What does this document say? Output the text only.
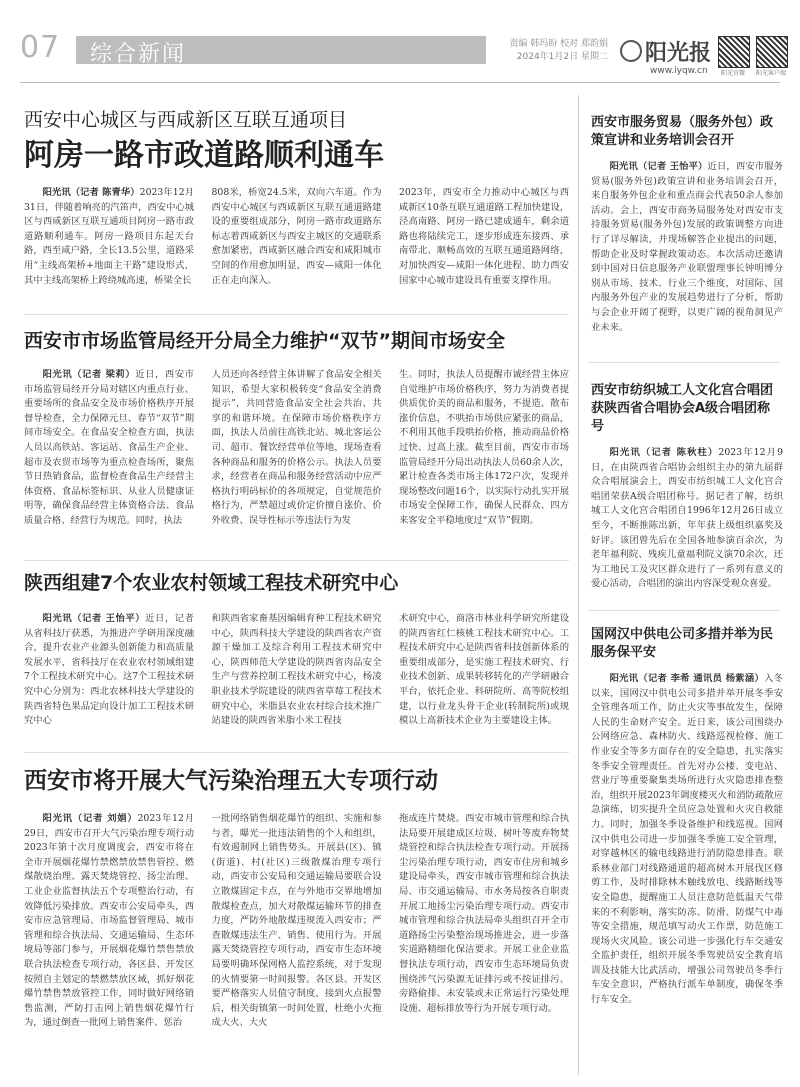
07 综合新闻	责编 韩玛盼 校对 郑韵娟
2024年1月2日 星期二	阳光报
www.iyqw.cn	阳光官微	阳光客户端
西安中心城区与西咸新区互联互通项目
阿房一路市政道路顺利通车

阳光讯（记者 陈青华）2023年12月31日，伴随着响亮的汽笛声，西安中心城区与西咸新区互联互通项目阿房一路市政道路顺利通车。阿房一路项目东起天台路，西至咸户路，全长13.5公里，道路采用“主线高架桥+地面主干路”建设形式，其中主线高架桥上跨绕城高速，桥梁全长

808米，桥宽24.5米，双向六车道。作为西安中心城区与西咸新区互联互通道路建设的重要组成部分，阿房一路市政道路东标志着西咸新区与西安主城区的交通联系愈加紧密，西咸新区融合西安和咸阳城市空间的作用愈加明显，西安—咸阳一体化正在走向深入。
2023年，西安市全力推动中心城区与西咸新区10条互联互通道路工程加快建设，泾高南路、阿房一路已建成通车，剩余道路也将陆续完工，逐步形成连东接西、承南带北、顺畅高效的互联互通道路网络，对加快西安—咸阳一体化进程、助力西安国家中心城市建设具有重要支撑作用。
西安市市场监管局经开分局全力维护“双节”期间市场安全

阳光讯（记者 梁莉）近日，西安市市场监管局经开分局对辖区内重点行业、重要场所的食品安全及市场价格秩序开展督导检查，全力保障元旦、春节“双节”期间市场安全。在食品安全检查方面，执法人员以高铁站、客运站、食品生产企业、超市及农贸市场等为重点检查场所，聚焦节日热销食品，监督检查食品生产经营主体资格、食品标签标识、从业人员健康证明等，确保食品经营主体资格合法、食品质量合格、经营行为规范。同时，执法

人员还向各经营主体讲解了食品安全相关知识，希望大家积极转变“食品安全消费提示”，共同营造食品安全社会共治、共享的和谐环境。在保障市场价格秩序方面，执法人员前往高铁北站、城北客运公司、超市、餐饮经营单位等地，现场查看各种商品和服务的价格公示。执法人员要求，经营者在商品和服务经营活动中应严格执行明码标价的各项规定，自觉规范价格行为，严禁超过或价定价擅自涨价、价外收费、误导性标示等违法行为发
生。同时，执法人员提醒市诚经营主体应自觉维护市场价格秩序，努力为消费者提供质优价美的商品和服务，不提造、散布涨价信息，不哄抬市场供应紧张的商品，不利用其他手段哄抬价格，推动商品价格过快、过高上涨。截至目前，西安市市场监管局经开分局出动执法人员60余人次，累计检查各类市场主体172户次，发现并现场整改问题16个，以实际行动扎实开展市场安全保障工作，确保人民群众、四方来客安全平稳地度过“双节”假期。
陕西组建7个农业农村领域工程技术研究中心

阳光讯（记者 王怡平）近日，记者从省科技厅获悉，为推进产学研用深度融合，提升农业产业源头创新能力和高质量发展水平，省科技厅在农业农村领域组建7个工程技术研究中心。这7个工程技术研究中心分别为：西北农林科技大学建设的陕西省特色果品定向设计加工工程技术研究中心

和陕西省家畜基因编辑育种工程技术研究中心，陕西科技大学建设的陕西省农产资源干燥加工及综合利用工程技术研究中心，陕西师范大学建设的陕西省肉品安全生产与营养控制工程技术研究中心，杨凌职业技术学院建设的陕西省草莓工程技术研究中心，米脂县农业农村综合技术推广站建设的陕西省米脂小米工程技
术研究中心，商洛市林业科学研究所建设的陕西省红仁核桃工程技术研究中心。工程技术研究中心是陕西省科技创新体系的重要组成部分，是实施工程技术研究、行业技术创新、成果转移转化的产学研融合平台，依托企业、科研院所、高等院校组建，以行业龙头骨干企业(转制院所)或规模以上高新技术企业为主要建设主体。
西安市将开展大气污染治理五大专项行动

阳光讯（记者 刘娟）2023年12月29日，西安市召开大气污染治理专项行动2023年第十次月度调度会，西安市将在全市开展烟花爆竹禁燃禁放禁售管控、燃煤散烧治理、露天焚烧管控、扬尘治理、工业企业监督执法五个专项整治行动，有效降低污染排放。西安市公安局牵头，西安市应急管理局、市场监督管理局、城市管理和综合执法局、交通运输局、生态环境局等部门参与，开展烟花爆竹禁售禁放联合执法检查专项行动，各区县、开发区按照自主划定的禁燃禁放区域，抓好烟花爆竹禁售禁放管控工作，同时做好网络销售监测，严防打击网上销售烟花爆竹行为，通过倒查一批网上销售案件、惩治

一批网络销售烟花爆竹的组织、实施和参与者，曝光一批违法销售的个人和组织，有效遏制网上销售势头。开展县(区)、镇(街道)、村(社区)三级散煤治理专项行动，西安市公安局和交通运输局要联合设立散煤固定卡点，在与外地市交界地增加散煤检查点，加大对散煤运输环节的排查力度，严防外地散煤违规流入西安市；严查散煤违法生产、销售、使用行为。开展露天焚烧管控专项行动，西安市生态环境局要明确环保网格人监控系统，对于发现的火情要第一时间报警。各区县、开发区要严格落实人员值守制度，接到火点报警后，相关街镇第一时间处置，杜绝小火拖成大火、大火
拖成连片焚烧。西安市城市管理和综合执法局要开展建成区垃圾、树叶等废弃物焚烧管控和综合执法检查专项行动。开展扬尘污染治理专项行动，西安市住房和城乡建设局牵头，西安市城市管理和综合执法局、市交通运输局、市水务局按各自职责开展工地扬尘污染治理专项行动。西安市城市管理和综合执法局牵头组织召开全市道路扬尘污染整治现场推进会，进一步落实道路精细化保洁要求。开展工业企业监督执法专项行动，西安市生态环境局负责围绕涉气污染源无证排污或不按证排污、旁路偷排、未安装或未正常运行污染处理设施、超标排放等行为开展专项行动。
西安市服务贸易（服务外包）政策宣讲和业务培训会召开

阳光讯（记者 王怡平）近日，西安市服务贸易(服务外包)政策宣讲和业务培训会召开，来自服务外包企业和重点商会代表50余人参加活动。会上，西安市商务局服务处对西安市支持服务贸易(服务外包)发展的政策调整方向进行了详尽解读，并现场解答企业提出的问题，帮助企业及时掌握政策动态。本次活动还邀请到中国对日信息服务产业联盟理事长钟明博分别从市场、技术、行业三个维度，对国际、国内服务外包产业的发展趋势进行了分析，帮助与会企业开阔了视野，以更广阔的视角洞见产业未来。

西安市纺织城工人文化宫合唱团获陕西省合唱协会A级合唱团称号

阳光讯（记者 陈秋柱）2023年12月9日，在由陕西省合唱协会组织主办的第九届群众合唱展演会上，西安市纺织城工人文化宫合唱团荣获A级合唱团称号。据记者了解，纺织城工人文化宫合唱团自1996年12月26日成立至今，不断推陈出新，年年获上级组织嘉奖及好评。该团曾先后在全国各地参演百余次，为老年福利院、残疾儿童福利院义演70余次，还为工地民工及灾区群众进行了一系列有意义的爱心活动，合唱团的演出内容深受观众喜爱。

国网汉中供电公司多措并举为民服务保平安

阳光讯（记者 李希 通讯员 杨紫涵）入冬以来，国网汉中供电公司多措并举开展冬季安全管理各项工作，防止火灾等事故发生，保障人民的生命财产安全。近日来，该公司围绕办公网络应急、森林防火、线路巡视检修、施工作业安全等多方面存在的安全隐患，扎实落实冬季安全管理责任。首先对办公楼、变电站、营业厅等重要聚集类场所进行火灾隐患排查整治，组织开展2023年调度楼灭火和消防疏散应急演练，切实提升全员应急处置和火灾自救能力。同时，加强冬季设备维护和线巡视。国网汉中供电公司进一步加强冬季施工安全管理，对穿越林区的输电线路进行消防隐患排查。联系林业部门对线路通道的超高树木开展伐区修剪工作，及时排除林木触线放电、线路断线等安全隐患，提醒施工人员注意防范低温天气带来的不利影响，落实防冻、防滑、防煤气中毒等安全措施，规范填写动火工作票，防范施工现场火灾风险。该公司进一步强化行车交通安全监护责任，组织开展冬季驾驶员安全教育培训及技能大比武活动，增强公司驾驶员冬季行车安全意识，严格执行派车单制度，确保冬季行车安全。
